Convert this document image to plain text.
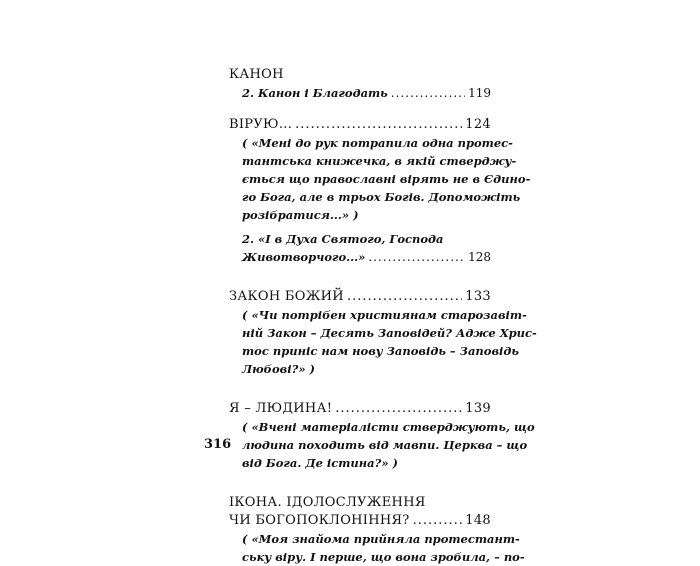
КАНОН
2. Канон і Благодать .....	119
ВІРУЮ... .....	124
( «Мені до рук потрапила одна протес-
тантська книжечка, в якій стверджу-
ється що православні вірять не в Єдино-
го Бога, але в трьох Богів. Допоможіть
розібратися...» )
2. «І в Духа Святого, Господа
Животворчого...» .....	128
ЗАКОН БОЖИЙ .....	133
( «Чи потрібен християнам старозавіт-
ній Закон – Десять Заповідей? Адже Хрис-
тос приніс нам нову Заповідь – Заповідь
Любові?» )
Я – ЛЮДИНА! .....	139
( «Вчені матеріалісти стверджують, що
людина походить від мавпи. Церква – що
від Бога. Де істина?» )
ІКОНА. ІДОЛОСЛУЖЕННЯ
ЧИ БОГОПОКЛОНІННЯ? .....	148
( «Моя знайома прийняла протестант-
ську віру. І перше, що вона зробила, – по-
316
